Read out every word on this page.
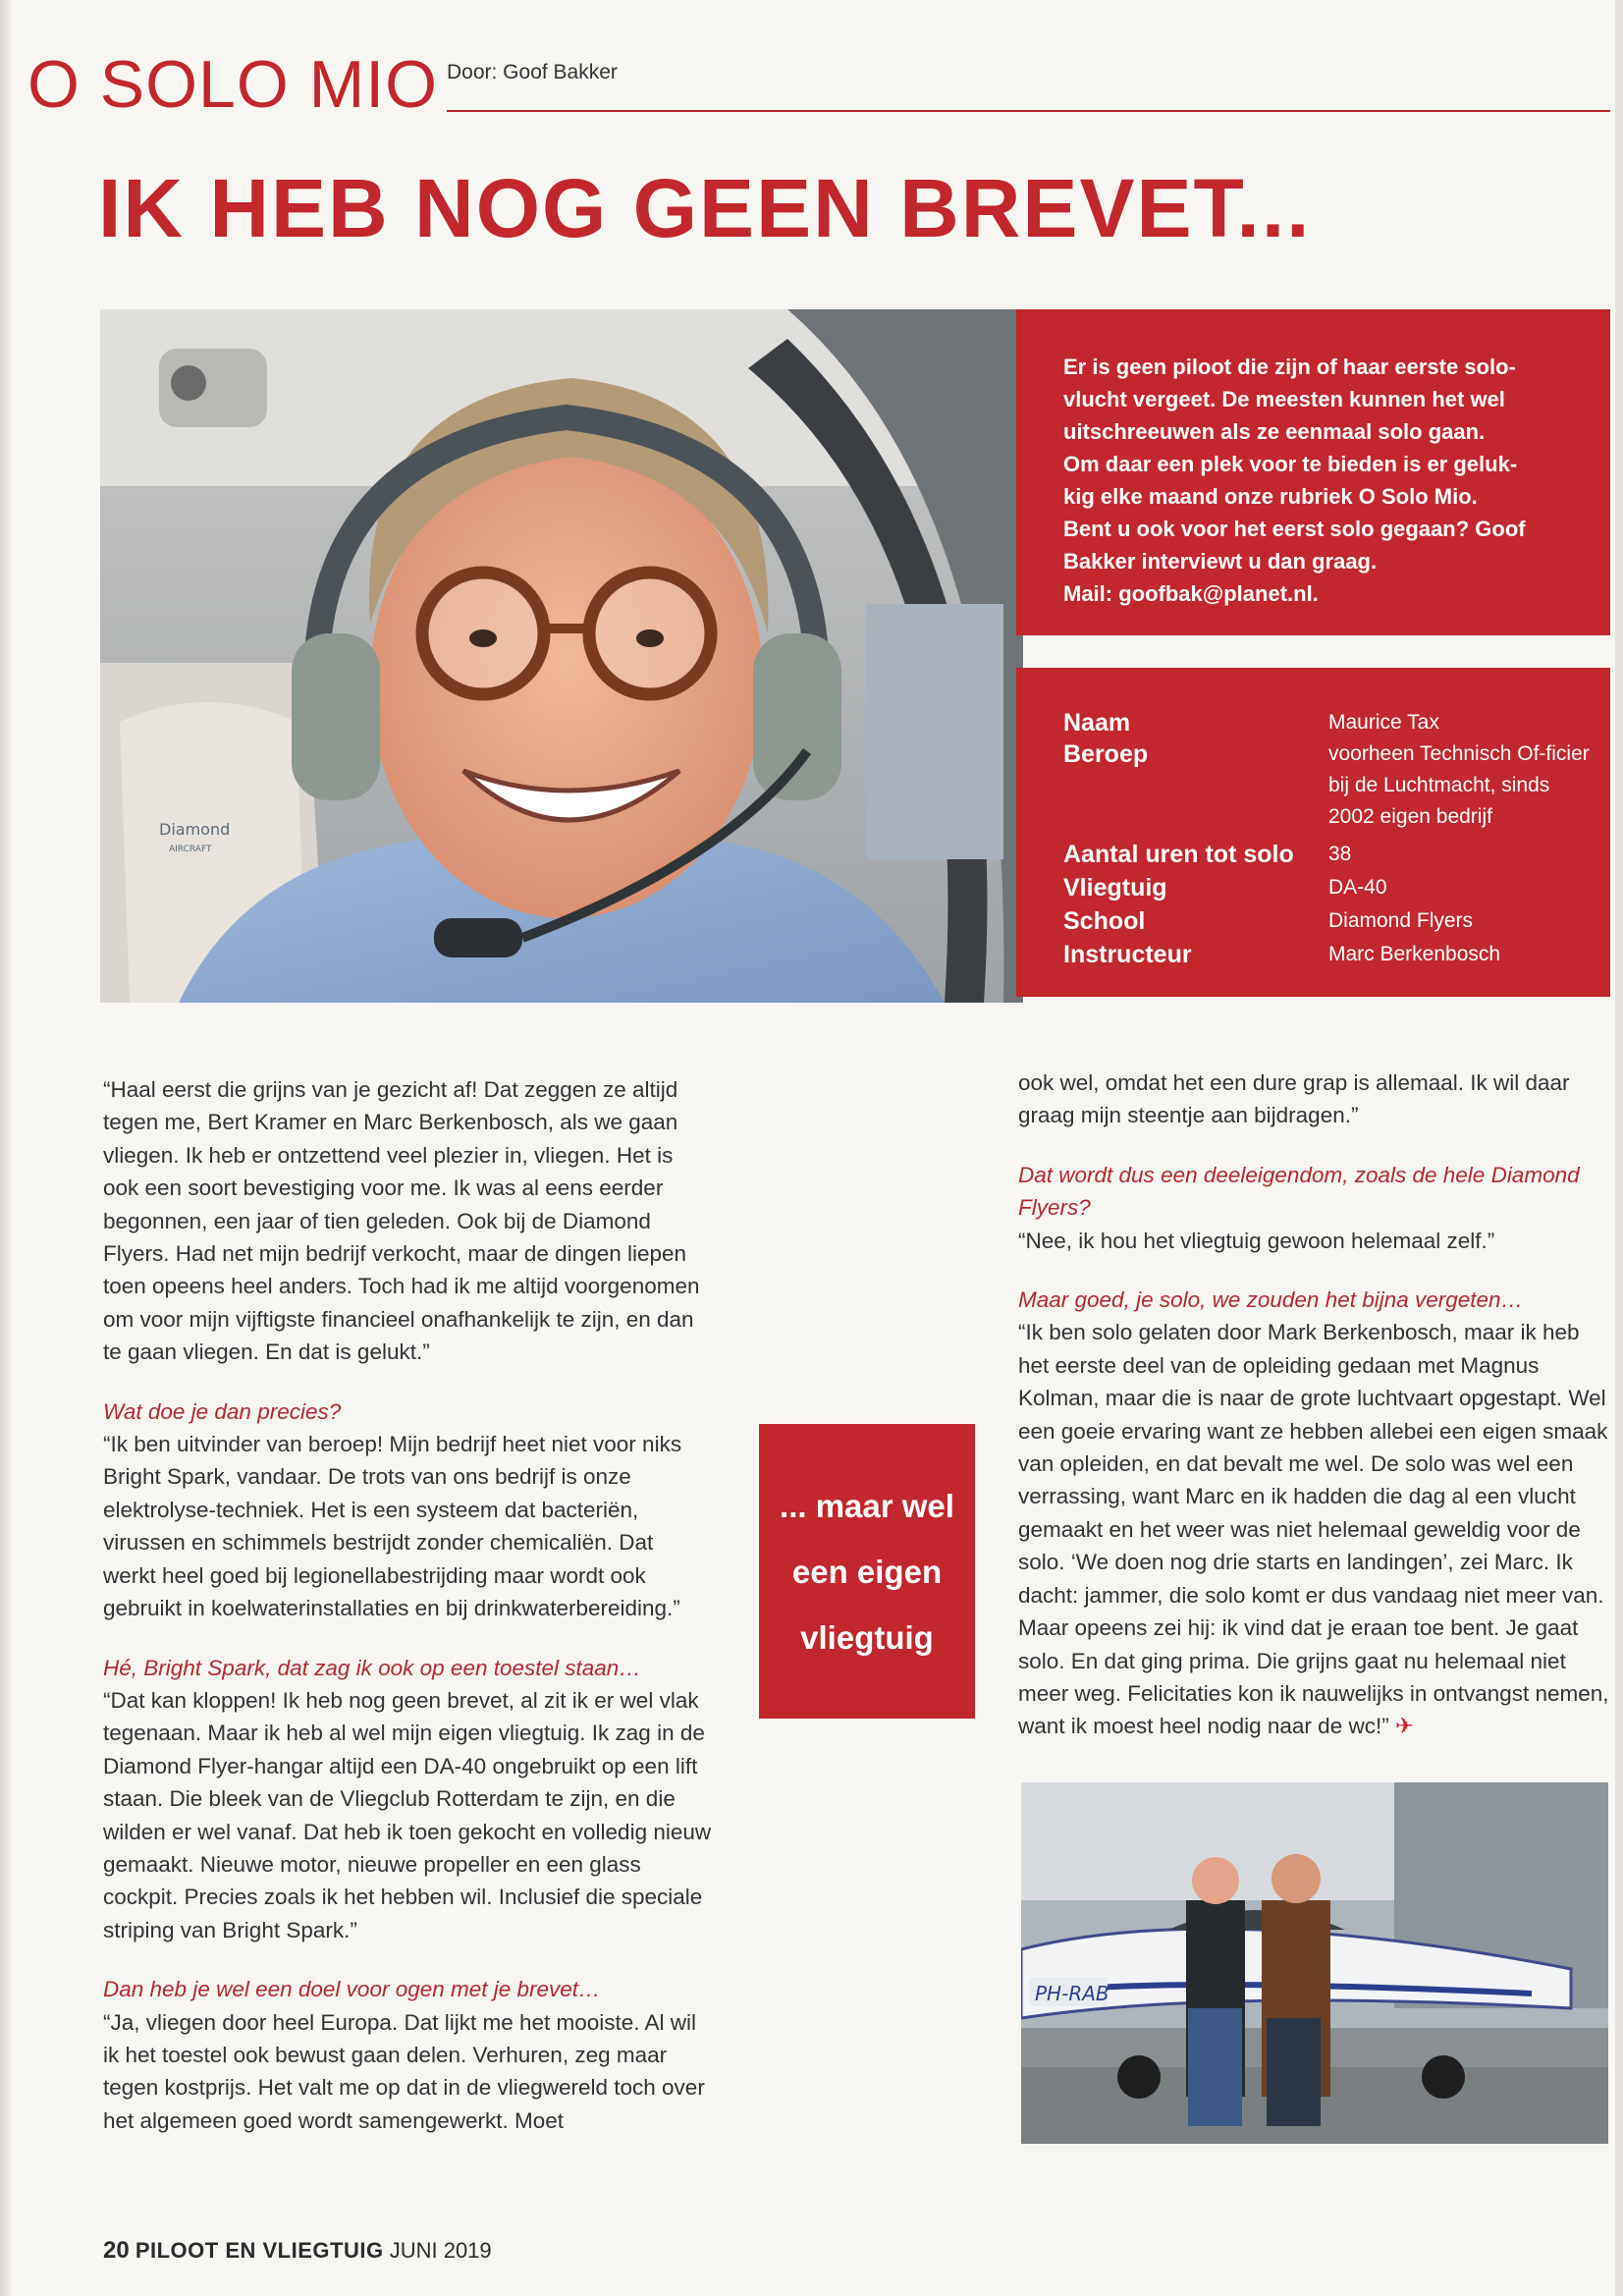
O SOLO MIO Door: Goof Bakker
IK HEB NOG GEEN BREVET...
Diamond
AIRCRAFT

Er is geen piloot die zijn of haar eerste solo-
vlucht vergeet. De meesten kunnen het wel
uitschreeuwen als ze eenmaal solo gaan.
Om daar een plek voor te bieden is er geluk-
kig elke maand onze rubriek O Solo Mio.
Bent u ook voor het eerst solo gegaan? Goof
Bakker interviewt u dan graag.
Mail: goofbak@planet.nl.

Naam	Maurice Tax
Beroep	voorheen Technisch Of-ficier bij de Luchtmacht, sinds 2002 eigen bedrijf
Aantal uren tot solo 38
Vliegtuig	DA-40
School	Diamond Flyers
Instructeur	Marc Berkenbosch

“Haal eerst die grijns van je gezicht af! Dat zeggen ze altijd tegen me, Bert Kramer en Marc Berkenbosch, als we gaan vliegen. Ik heb er ontzettend veel plezier in, vliegen. Het is ook een soort bevestiging voor me. Ik was al eens eerder begonnen, een jaar of tien geleden. Ook bij de Diamond Flyers. Had net mijn bedrijf verkocht, maar de dingen liepen toen opeens heel anders. Toch had ik me altijd voorgenomen om voor mijn vijftigste financieel onafhankelijk te zijn, en dan te gaan vliegen. En dat is gelukt.”

Wat doe je dan precies?

“Ik ben uitvinder van beroep! Mijn bedrijf heet niet voor niks Bright Spark, vandaar. De trots van ons bedrijf is onze elektrolyse-techniek. Het is een systeem dat bacteriën, virussen en schimmels bestrijdt zonder chemicaliën. Dat werkt heel goed bij legionellabestrijding maar wordt ook gebruikt in koelwaterinstallaties en bij drinkwaterbereiding.”

Hé, Bright Spark, dat zag ik ook op een toestel staan…

“Dat kan kloppen! Ik heb nog geen brevet, al zit ik er wel vlak tegenaan. Maar ik heb al wel mijn eigen vliegtuig. Ik zag in de Diamond Flyer-hangar altijd een DA-40 ongebruikt op een lift staan. Die bleek van de Vliegclub Rotterdam te zijn, en die wilden er wel vanaf. Dat heb ik toen gekocht en volledig nieuw gemaakt. Nieuwe motor, nieuwe propeller en een glass cockpit. Precies zoals ik het hebben wil. Inclusief die speciale striping van Bright Spark.”

Dan heb je wel een doel voor ogen met je brevet…

“Ja, vliegen door heel Europa. Dat lijkt me het mooiste. Al wil ik het toestel ook bewust gaan delen. Verhuren, zeg maar tegen kostprijs. Het valt me op dat in de vliegwereld toch over het algemeen goed wordt samengewerkt. Moet

... maar wel een eigen vliegtuig

ook wel, omdat het een dure grap is allemaal. Ik wil daar graag mijn steentje aan bijdragen.”

Dat wordt dus een deeleigendom, zoals de hele Diamond Flyers?

“Nee, ik hou het vliegtuig gewoon helemaal zelf.”

Maar goed, je solo, we zouden het bijna vergeten…

“Ik ben solo gelaten door Mark Berkenbosch, maar ik heb het eerste deel van de opleiding gedaan met Magnus Kolman, maar die is naar de grote luchtvaart opgestapt. Wel een goeie ervaring want ze hebben allebei een eigen smaak van opleiden, en dat bevalt me wel. De solo was wel een verrassing, want Marc en ik hadden die dag al een vlucht gemaakt en het weer was niet helemaal geweldig voor de solo. ‘We doen nog drie starts en landingen’, zei Marc. Ik dacht: jammer, die solo komt er dus vandaag niet meer van. Maar opeens zei hij: ik vind dat je eraan toe bent. Je gaat solo. En dat ging prima. Die grijns gaat nu helemaal niet meer weg. Felicitaties kon ik nauwelijks in ontvangst nemen, want ik moest heel nodig naar de wc!” ✈

PH-RAB
20 PILOOT EN VLIEGTUIG JUNI 2019
